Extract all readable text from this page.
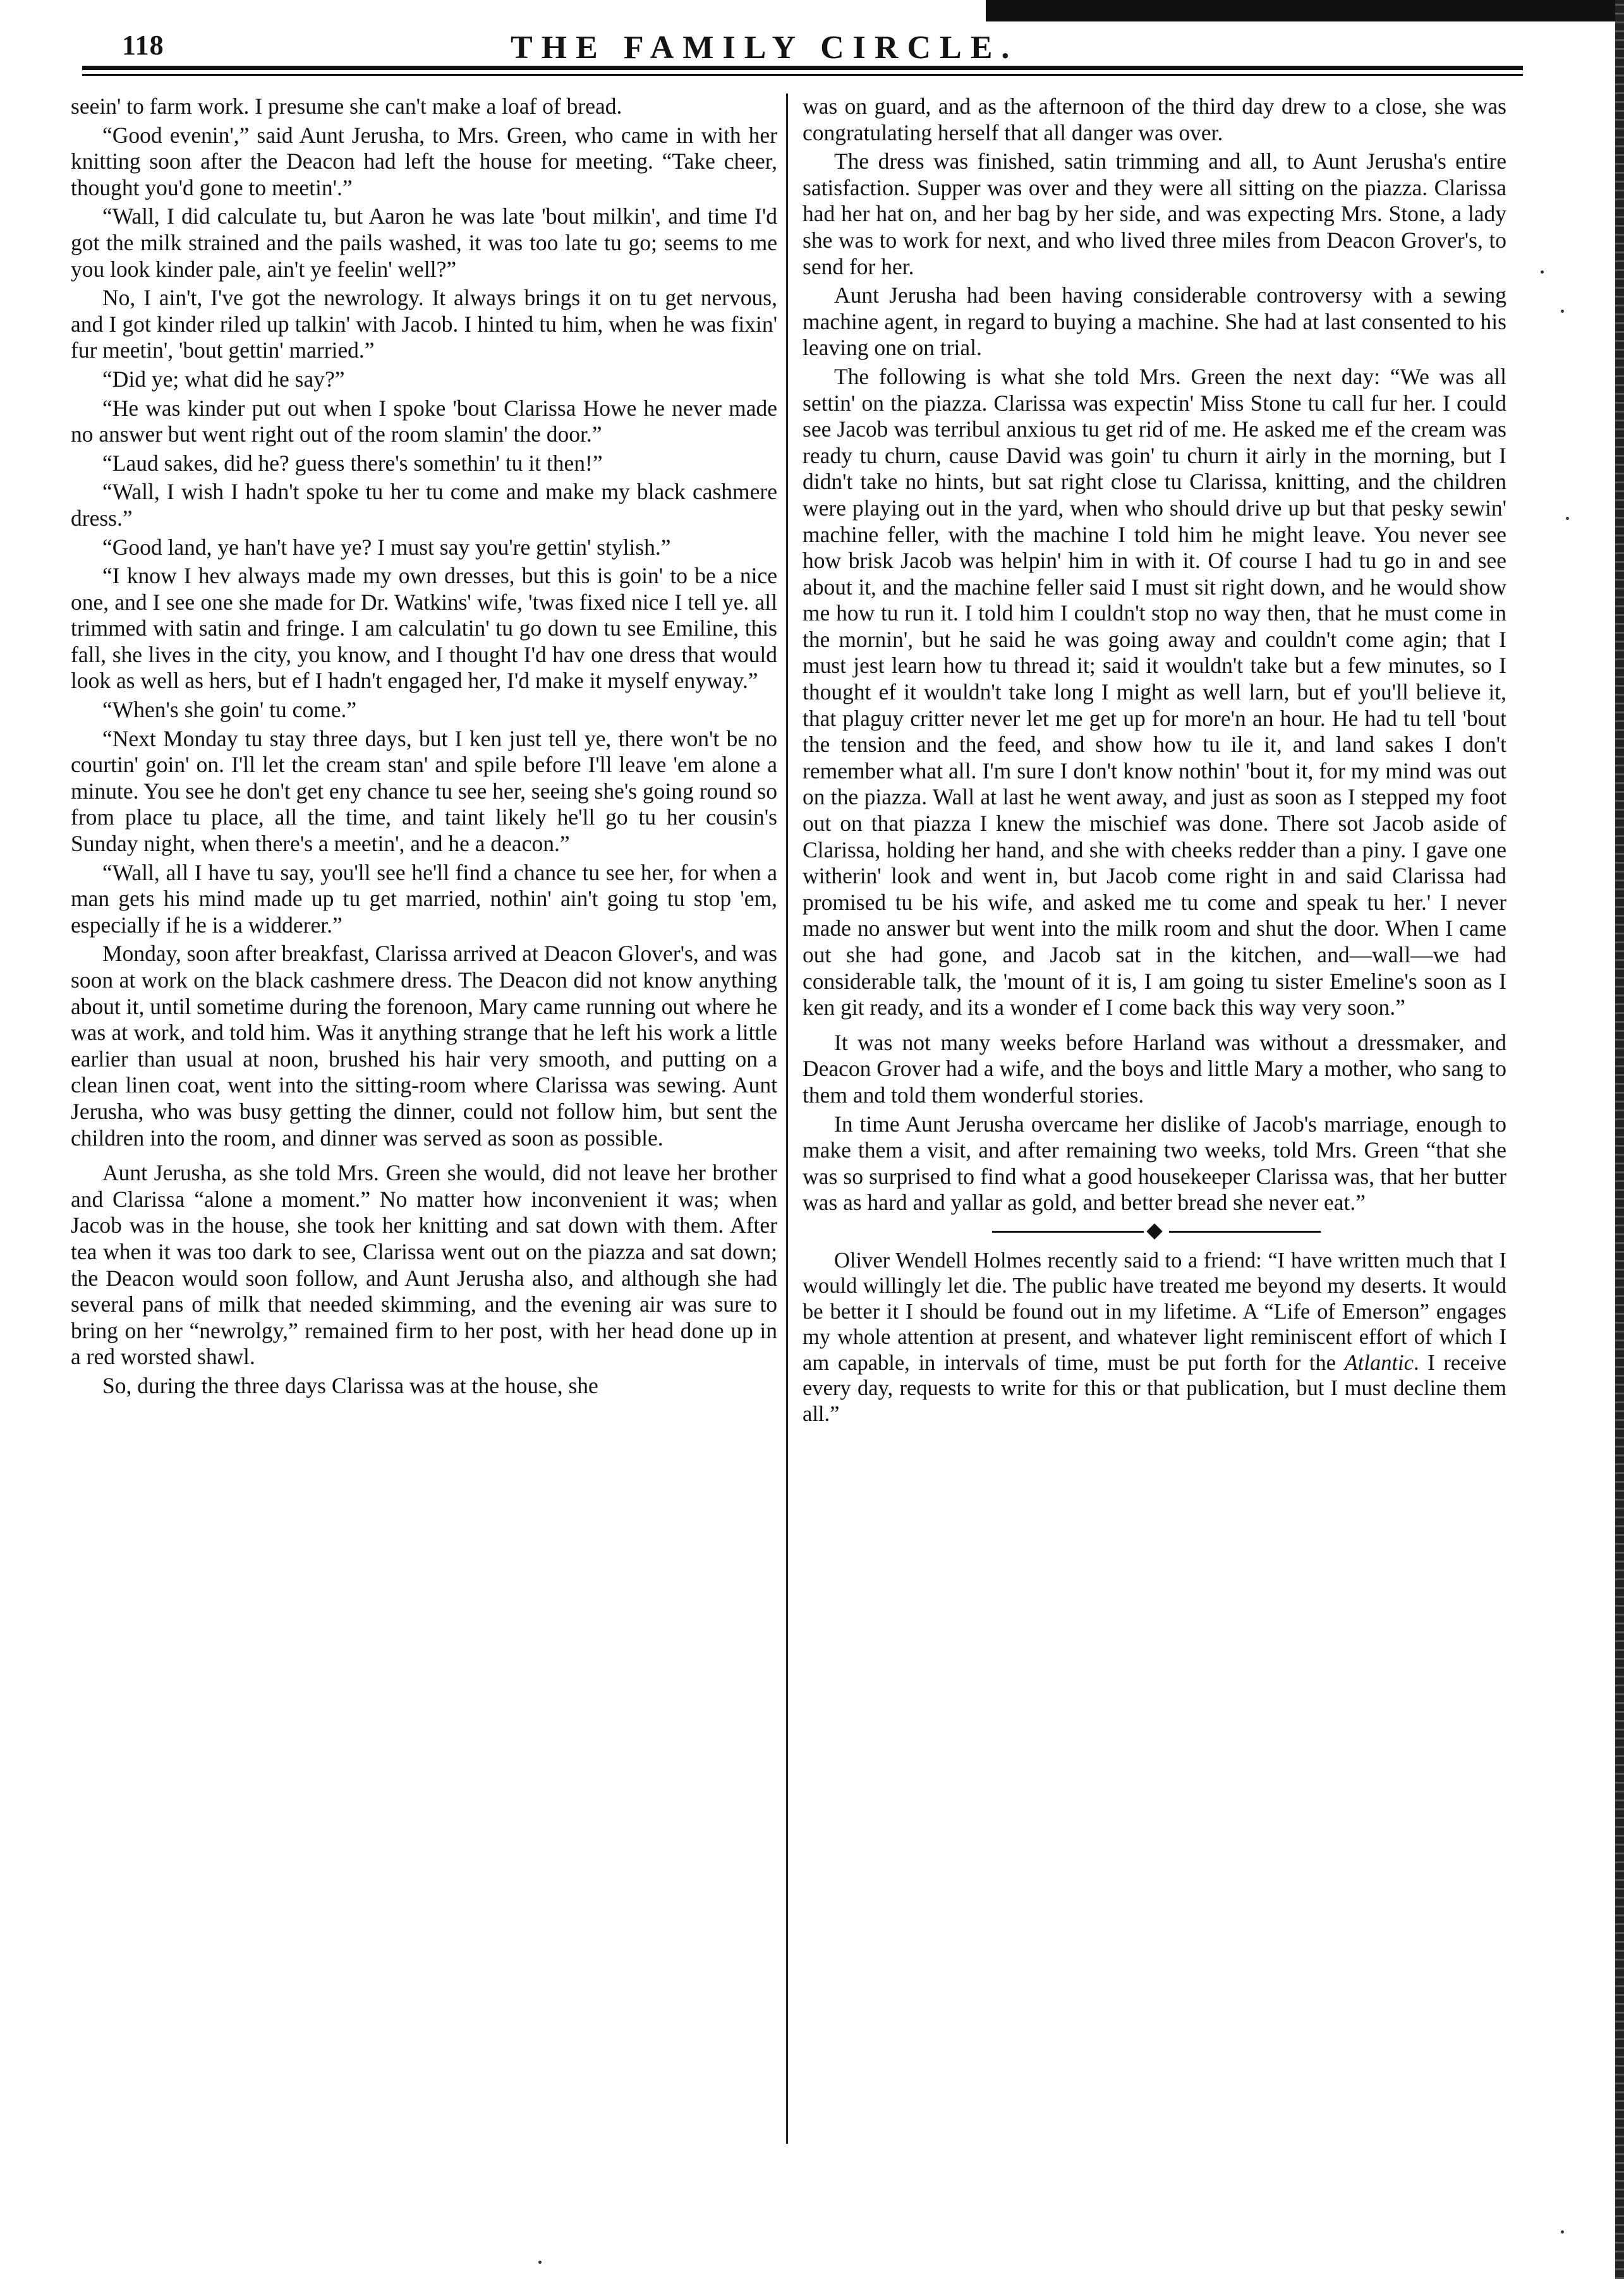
118	THE FAMILY CIRCLE.

seein' to farm work. I presume she can't make a loaf of bread.

“Good evenin',” said Aunt Jerusha, to Mrs. Green, who came in with her knitting soon after the Deacon had left the house for meeting. “Take cheer, thought you'd gone to meetin'.”

“Wall, I did calculate tu, but Aaron he was late 'bout milkin', and time I'd got the milk strained and the pails washed, it was too late tu go; seems to me you look kinder pale, ain't ye feelin' well?”

No, I ain't, I've got the newrology. It always brings it on tu get nervous, and I got kinder riled up talkin' with Jacob. I hinted tu him, when he was fixin' fur meetin', 'bout gettin' married.”

“Did ye; what did he say?”

“He was kinder put out when I spoke 'bout Clarissa Howe he never made no answer but went right out of the room slamin' the door.”

“Laud sakes, did he? guess there's somethin' tu it then!”

“Wall, I wish I hadn't spoke tu her tu come and make my black cashmere dress.”

“Good land, ye han't have ye? I must say you're gettin' stylish.”

“I know I hev always made my own dresses, but this is goin' to be a nice one, and I see one she made for Dr. Watkins' wife, 'twas fixed nice I tell ye. all trimmed with satin and fringe. I am calculatin' tu go down tu see Emiline, this fall, she lives in the city, you know, and I thought I'd hav one dress that would look as well as hers, but ef I hadn't engaged her, I'd make it myself enyway.”

“When's she goin' tu come.”

“Next Monday tu stay three days, but I ken just tell ye, there won't be no courtin' goin' on. I'll let the cream stan' and spile before I'll leave 'em alone a minute. You see he don't get eny chance tu see her, seeing she's going round so from place tu place, all the time, and taint likely he'll go tu her cousin's Sunday night, when there's a meetin', and he a deacon.”

“Wall, all I have tu say, you'll see he'll find a chance tu see her, for when a man gets his mind made up tu get married, nothin' ain't going tu stop 'em, especially if he is a widderer.”

Monday, soon after breakfast, Clarissa arrived at Deacon Glover's, and was soon at work on the black cashmere dress. The Deacon did not know anything about it, until sometime during the forenoon, Mary came running out where he was at work, and told him. Was it anything strange that he left his work a little earlier than usual at noon, brushed his hair very smooth, and putting on a clean linen coat, went into the sitting-room where Clarissa was sewing. Aunt Jerusha, who was busy getting the dinner, could not follow him, but sent the children into the room, and dinner was served as soon as possible.

Aunt Jerusha, as she told Mrs. Green she would, did not leave her brother and Clarissa “alone a moment.” No matter how inconvenient it was; when Jacob was in the house, she took her knitting and sat down with them. After tea when it was too dark to see, Clarissa went out on the piazza and sat down; the Deacon would soon follow, and Aunt Jerusha also, and although she had several pans of milk that needed skimming, and the evening air was sure to bring on her “newrolgy,” remained firm to her post, with her head done up in a red worsted shawl.

So, during the three days Clarissa was at the house, she

was on guard, and as the afternoon of the third day drew to a close, she was congratulating herself that all danger was over.

The dress was finished, satin trimming and all, to Aunt Jerusha's entire satisfaction. Supper was over and they were all sitting on the piazza. Clarissa had her hat on, and her bag by her side, and was expecting Mrs. Stone, a lady she was to work for next, and who lived three miles from Deacon Grover's, to send for her.

Aunt Jerusha had been having considerable controversy with a sewing machine agent, in regard to buying a machine. She had at last consented to his leaving one on trial.

The following is what she told Mrs. Green the next day: “We was all settin' on the piazza. Clarissa was expectin' Miss Stone tu call fur her. I could see Jacob was terribul anxious tu get rid of me. He asked me ef the cream was ready tu churn, cause David was goin' tu churn it airly in the morning, but I didn't take no hints, but sat right close tu Clarissa, knitting, and the children were playing out in the yard, when who should drive up but that pesky sewin' machine feller, with the machine I told him he might leave. You never see how brisk Jacob was helpin' him in with it. Of course I had tu go in and see about it, and the machine feller said I must sit right down, and he would show me how tu run it. I told him I couldn't stop no way then, that he must come in the mornin', but he said he was going away and couldn't come agin; that I must jest learn how tu thread it; said it wouldn't take but a few minutes, so I thought ef it wouldn't take long I might as well larn, but ef you'll believe it, that plaguy critter never let me get up for more'n an hour. He had tu tell 'bout the tension and the feed, and show how tu ile it, and land sakes I don't remember what all. I'm sure I don't know nothin' 'bout it, for my mind was out on the piazza. Wall at last he went away, and just as soon as I stepped my foot out on that piazza I knew the mischief was done. There sot Jacob aside of Clarissa, holding her hand, and she with cheeks redder than a piny. I gave one witherin' look and went in, but Jacob come right in and said Clarissa had promised tu be his wife, and asked me tu come and speak tu her.' I never made no answer but went into the milk room and shut the door. When I came out she had gone, and Jacob sat in the kitchen, and—wall—we had considerable talk, the 'mount of it is, I am going tu sister Emeline's soon as I ken git ready, and its a wonder ef I come back this way very soon.”

It was not many weeks before Harland was without a dressmaker, and Deacon Grover had a wife, and the boys and little Mary a mother, who sang to them and told them wonderful stories.

In time Aunt Jerusha overcame her dislike of Jacob's marriage, enough to make them a visit, and after remaining two weeks, told Mrs. Green “that she was so surprised to find what a good housekeeper Clarissa was, that her butter was as hard and yallar as gold, and better bread she never eat.”

Oliver Wendell Holmes recently said to a friend: “I have written much that I would willingly let die. The public have treated me beyond my deserts. It would be better it I should be found out in my lifetime. A “Life of Emerson” engages my whole attention at present, and whatever light reminiscent effort of which I am capable, in intervals of time, must be put forth for the Atlantic. I receive every day, requests to write for this or that publication, but I must decline them all.”
